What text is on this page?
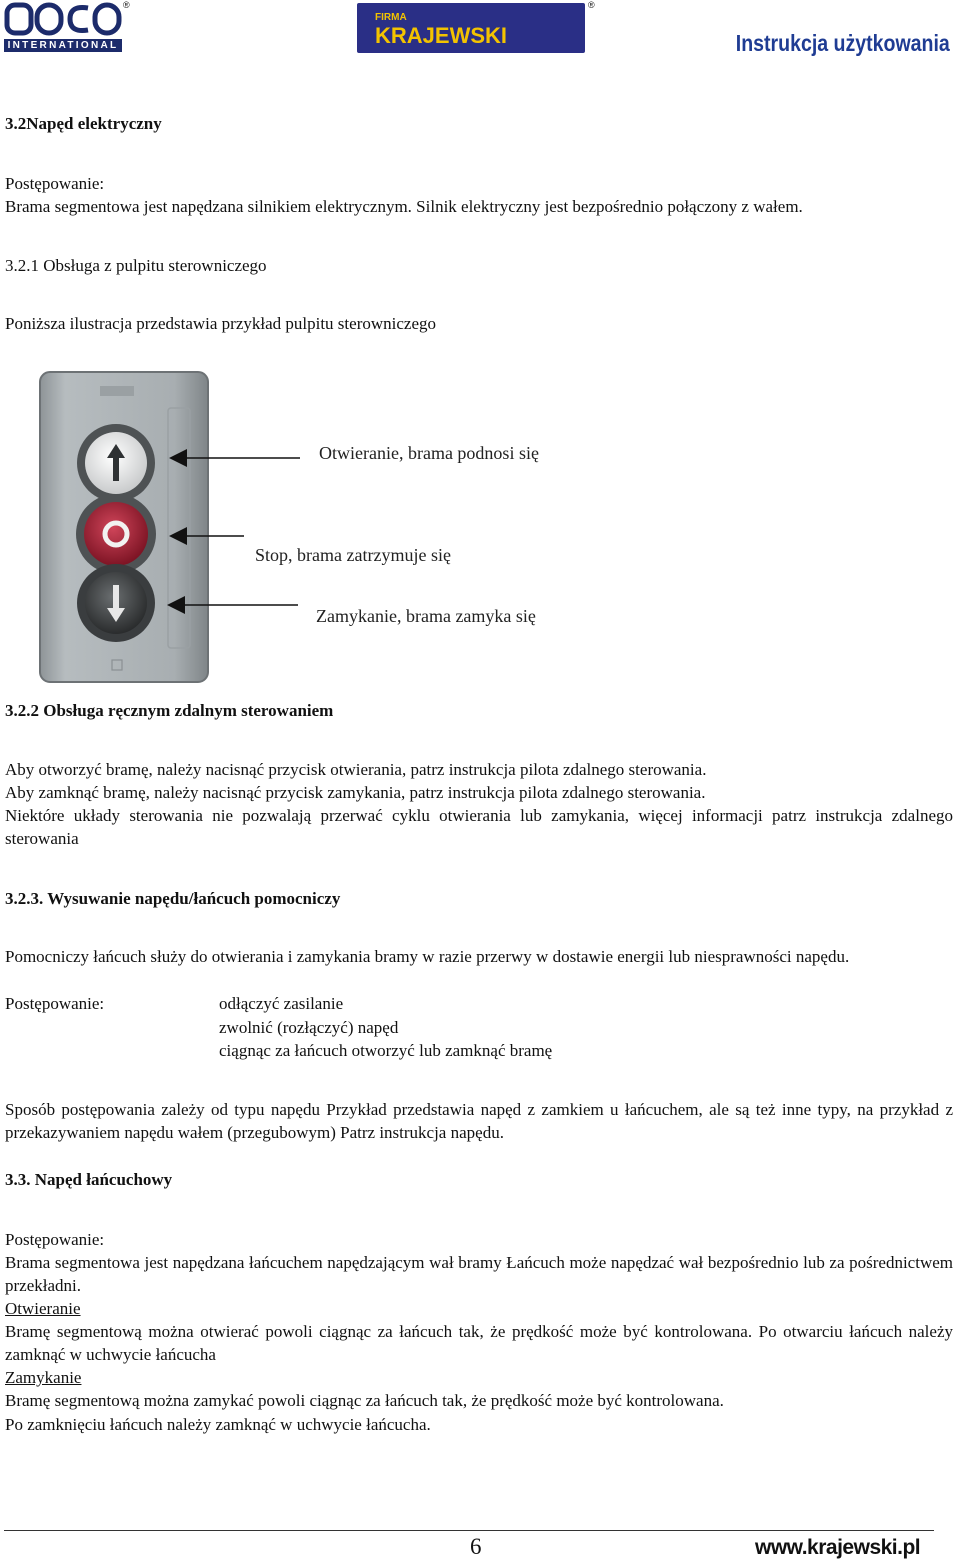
®
INTERNATIONAL
FIRMA
KRAJEWSKI
®
Instrukcja użytkowania
3.2Napęd elektryczny
Postępowanie:
Brama segmentowa jest napędzana silnikiem elektrycznym. Silnik elektryczny jest bezpośrednio połączony z wałem.
3.2.1 Obsługa z pulpitu sterowniczego
Poniższa ilustracja przedstawia przykład pulpitu sterowniczego
Otwieranie, brama podnosi się
Stop, brama zatrzymuje się
Zamykanie, brama zamyka się
3.2.2 Obsługa ręcznym zdalnym sterowaniem
Aby otworzyć bramę, należy nacisnąć przycisk otwierania, patrz instrukcja pilota zdalnego sterowania.
Aby zamknąć bramę, należy nacisnąć przycisk zamykania, patrz instrukcja pilota zdalnego sterowania.
Niektóre układy sterowania nie pozwalają przerwać cyklu otwierania lub zamykania, więcej informacji patrz instrukcja zdalnego sterowania
3.2.3. Wysuwanie napędu/łańcuch pomocniczy
Pomocniczy łańcuch służy do otwierania i zamykania bramy w razie przerwy w dostawie energii lub niesprawności napędu.
Postępowanie:	odłączyć zasilanie
zwolnić (rozłączyć) napęd
ciągnąc za łańcuch otworzyć lub zamknąć bramę
Sposób postępowania zależy od typu napędu Przykład przedstawia napęd z zamkiem u łańcuchem, ale są też inne typy, na przykład z przekazywaniem napędu wałem (przegubowym) Patrz instrukcja napędu.
3.3. Napęd łańcuchowy
Postępowanie:
Brama segmentowa jest napędzana łańcuchem napędzającym wał bramy Łańcuch może napędzać wał bezpośrednio lub za pośrednictwem przekładni.
Otwieranie
Bramę segmentową można otwierać powoli ciągnąc za łańcuch tak, że prędkość może być kontrolowana. Po otwarciu łańcuch należy zamknąć w uchwycie łańcucha
Zamykanie
Bramę segmentową można zamykać powoli ciągnąc za łańcuch tak, że prędkość może być kontrolowana.
Po zamknięciu łańcuch należy zamknąć w uchwycie łańcucha.
6	www.krajewski.pl
